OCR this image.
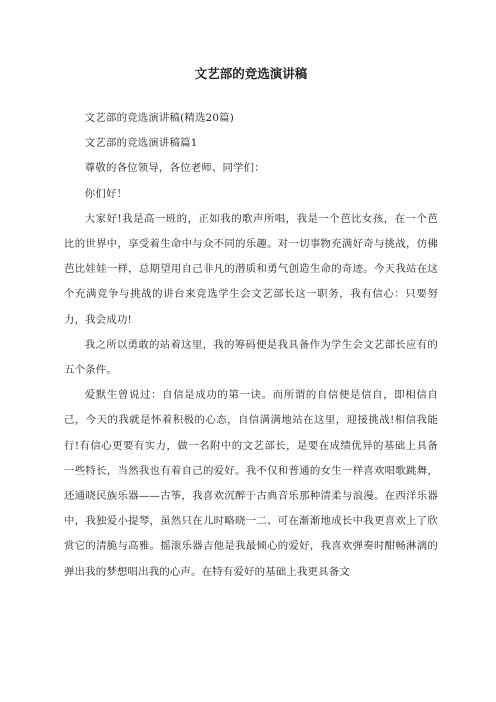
文艺部的竞选演讲稿

文艺部的竞选演讲稿(精选20篇)

文艺部的竞选演讲稿篇1

尊敬的各位领导，各位老师、同学们：

你们好！

大家好!我是高一班的，正如我的歌声所唱，我是一个芭比女孩，在一个芭比的世界中，享受着生命中与众不同的乐趣。对一切事物充满好奇与挑战，仿佛芭比娃娃一样，总期望用自己非凡的潜质和勇气创造生命的奇迹。今天我站在这个充满竞争与挑战的讲台来竞选学生会文艺部长这一职务，我有信心：只要努力，我会成功!

我之所以勇敢的站着这里，我的筹码便是我具备作为学生会文艺部长应有的五个条件。

爱默生曾说过：自信是成功的第一诀。而所谓的自信便是信自，即相信自己，今天的我就是怀着积极的心态，自信满满地站在这里，迎接挑战!相信我能行!有信心更要有实力，做一名附中的文艺部长，是要在成绩优异的基础上具备一些特长，当然我也有着自己的爱好。我不仅和普通的女生一样喜欢唱歌跳舞，还通晓民族乐器——古筝，我喜欢沉醉于古典音乐那种清柔与浪漫。在西洋乐器中，我独爱小提琴，虽然只在儿时略晓一二、可在渐渐地成长中我更喜欢上了欣赏它的清脆与高雅。摇滚乐器吉他是我最倾心的爱好，我喜欢弹奏时酣畅淋漓的弹出我的梦想唱出我的心声。在特有爱好的基础上我更具备文
